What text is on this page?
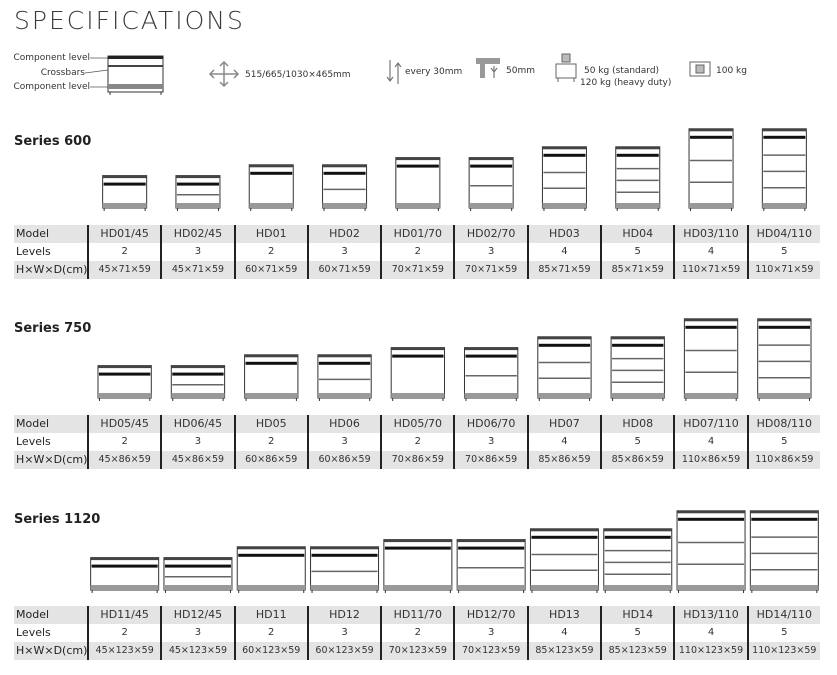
SPECIFICATIONS
Component level
Crossbars
Component level
515/665/1030×465mm	every 30mm	50mm	50 kg (standard)
120 kg (heavy duty)
100 kg
Series 600
Model	HD01/45	HD02/45	HD01	HD02	HD01/70	HD02/70	HD03	HD04	HD03/110	HD04/110
Levels	2	3	2	3	2	3	4	5	4	5
H×W×D(cm)	45×71×59	45×71×59	60×71×59	60×71×59	70×71×59	70×71×59	85×71×59	85×71×59	110×71×59	110×71×59
Series 750
Model	HD05/45	HD06/45	HD05	HD06	HD05/70	HD06/70	HD07	HD08	HD07/110	HD08/110
Levels	2	3	2	3	2	3	4	5	4	5
H×W×D(cm)	45×86×59	45×86×59	60×86×59	60×86×59	70×86×59	70×86×59	85×86×59	85×86×59	110×86×59	110×86×59
Series 1120
Model	HD11/45	HD12/45	HD11	HD12	HD11/70	HD12/70	HD13	HD14	HD13/110	HD14/110
Levels	2	3	2	3	2	3	4	5	4	5
H×W×D(cm) 45×123×59	45×123×59	60×123×59	60×123×59	70×123×59	70×123×59	85×123×59	85×123×59	110×123×59 110×123×59
